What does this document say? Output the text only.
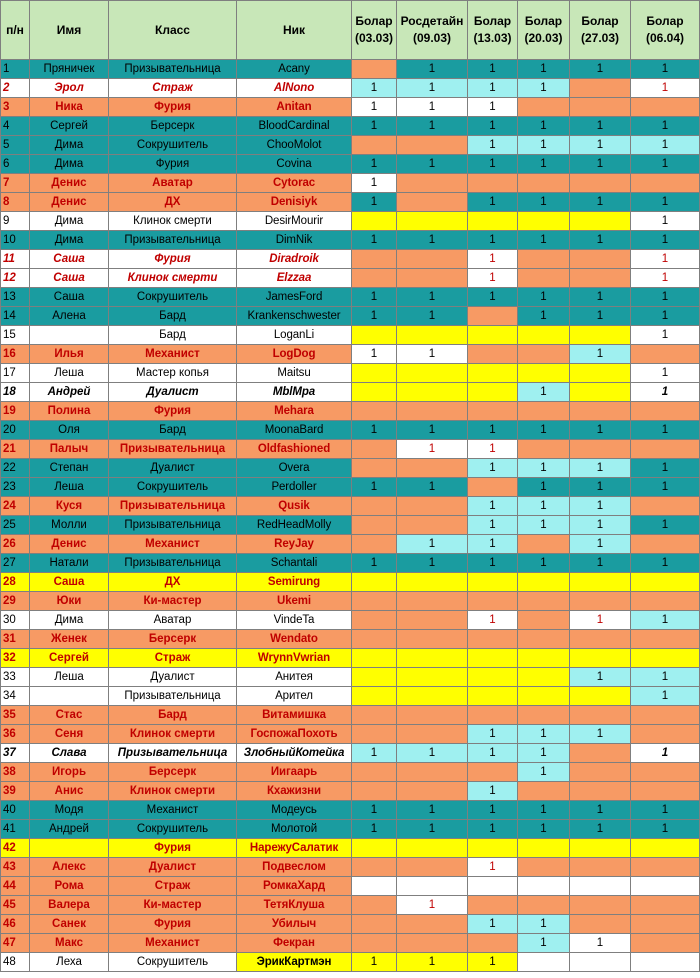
п/н	Имя	Класс	Ник	Болар (03.03)	Росдетайн (09.03)	Болар (13.03)	Болар (20.03)	Болар (27.03)	Болар (06.04)
1	Пряничек	Призывательница	Acany		1	1	1	1	1
2	Эрол	Страж	AlNono	1	1	1	1		1
3	Ника	Фурия	Anitan	1	1	1			
4	Сергей	Берсерк	BloodCardinal	1	1	1	1	1	1
5	Дима	Сокрушитель	ChooMolot			1	1	1	1
6	Дима	Фурия	Covina	1	1	1	1	1	1
7	Денис	Аватар	Cytorac	1					
8	Денис	ДХ	Denisiyk	1		1	1	1	1
9	Дима	Клинок смерти	DesirMourir						1
10	Дима	Призывательница	DimNik	1	1	1	1	1	1
11	Саша	Фурия	Diradroik			1			1
12	Саша	Клинок смерти	Elzzaa			1			1
13	Саша	Сокрушитель	JamesFord	1	1	1	1	1	1
14	Алена	Бард	Krankenschwester	1	1		1	1	1
15		Бард	LoganLi						1
16	Илья	Механист	LogDog	1	1			1	
17	Леша	Мастер копья	Maitsu						1
18	Андрей	Дуалист	MblMpa				1		1
19	Полина	Фурия	Mehara						
20	Оля	Бард	MoonaBard	1	1	1	1	1	1
21	Палыч	Призывательница	Oldfashioned		1	1			
22	Степан	Дуалист	Overa			1	1	1	1
23	Леша	Сокрушитель	Perdoller	1	1		1	1	1
24	Куся	Призывательница	Qusik			1	1	1	
25	Молли	Призывательница	RedHeadMolly			1	1	1	1
26	Денис	Механист	ReyJay		1	1		1	
27	Натали	Призывательница	Schantali	1	1	1	1	1	1
28	Саша	ДХ	Semirung						
29	Юки	Ки-мастер	Ukemi						
30	Дима	Аватар	VindeTa			1		1	1
31	Женек	Берсерк	Wendato						
32	Сергей	Страж	WrynnVwrian						
33	Леша	Дуалист	Анитея					1	1
34		Призывательница	Арител						1
35	Стас	Бард	Витамишка						
36	Сеня	Клинок смерти	ГоспожаПохоть			1	1	1	
37	Слава	Призывательница	ЗлобныйКотейка	1	1	1	1		1
38	Игорь	Берсерк	Иигаарь				1		
39	Анис	Клинок смерти	Кхажизни			1			
40	Модя	Механист	Модеусь	1	1	1	1	1	1
41	Андрей	Сокрушитель	Молотой	1	1	1	1	1	1
42		Фурия	НарежуСалатик						
43	Алекс	Дуалист	Подвеслом			1			
44	Рома	Страж	РомкаХард						
45	Валера	Ки-мастер	ТетяКлуша		1				
46	Санек	Фурия	Убилыч			1	1		
47	Макс	Механист	Фекран				1	1	
48	Леха	Сокрушитель	ЭрикКартмэн	1	1	1			
